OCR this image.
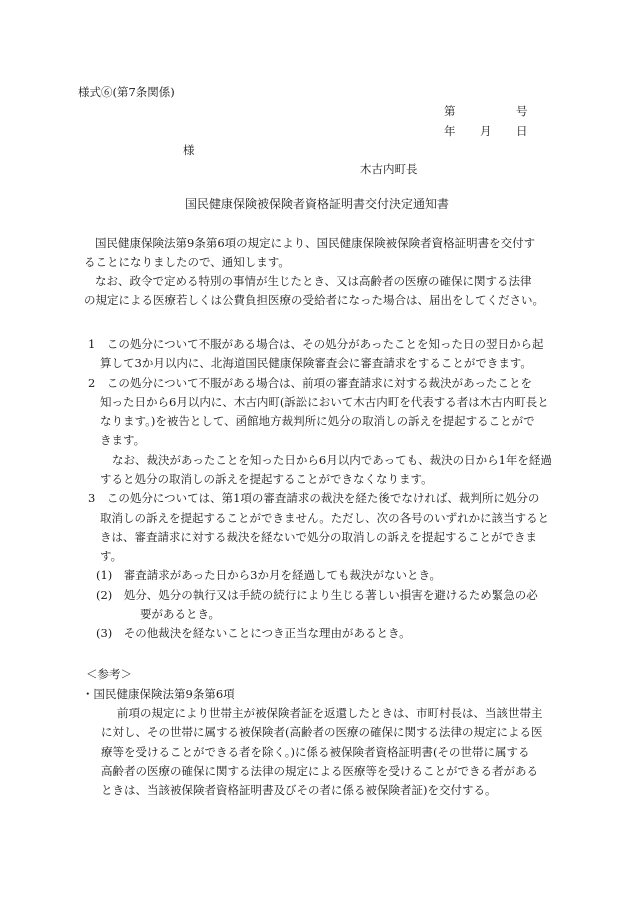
様式⑥(第7条関係)
第	号
年 月 日
様
木古内町長
国民健康保険被保険者資格証明書交付決定通知書
国民健康保険法第9条第6項の規定により、国民健康保険被保険者資格証明書を交付す
ることになりましたので、通知します。
なお、政令で定める特別の事情が生じたとき、又は高齢者の医療の確保に関する法律
の規定による医療若しくは公費負担医療の受給者になった場合は、届出をしてください。
1　この処分について不服がある場合は、その処分があったことを知った日の翌日から起
算して3か月以内に、北海道国民健康保険審査会に審査請求をすることができます。
2　この処分について不服がある場合は、前項の審査請求に対する裁決があったことを
知った日から6月以内に、木古内町(訴訟において木古内町を代表する者は木古内町長と
なります。)を被告として、函館地方裁判所に処分の取消しの訴えを提起することがで
きます。
なお、裁決があったことを知った日から6月以内であっても、裁決の日から1年を経過
すると処分の取消しの訴えを提起することができなくなります。
3　この処分については、第1項の審査請求の裁決を経た後でなければ、裁判所に処分の
取消しの訴えを提起することができません。ただし、次の各号のいずれかに該当すると
きは、審査請求に対する裁決を経ないで処分の取消しの訴えを提起することができま
す。
(1)　審査請求があった日から3か月を経過しても裁決がないとき。
(2)　処分、処分の執行又は手続の続行により生じる著しい損害を避けるため緊急の必
要があるとき。
(3)　その他裁決を経ないことにつき正当な理由があるとき。
＜参考＞
・国民健康保険法第9条第6項
前項の規定により世帯主が被保険者証を返還したときは、市町村長は、当該世帯主
に対し、その世帯に属する被保険者(高齢者の医療の確保に関する法律の規定による医
療等を受けることができる者を除く。)に係る被保険者資格証明書(その世帯に属する
高齢者の医療の確保に関する法律の規定による医療等を受けることができる者がある
ときは、当該被保険者資格証明書及びその者に係る被保険者証)を交付する。
